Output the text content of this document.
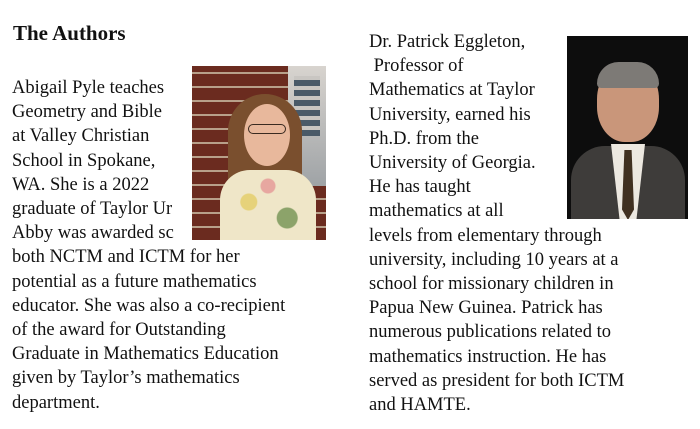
The Authors
Abigail Pyle teaches
Geometry and Bible
at Valley Christian
School in Spokane,
WA. She is a 2022
graduate of Taylor Ur
Abby was awarded sc
both NCTM and ICTM for her
potential as a future mathematics
educator. She was also a co-recipient
of the award for Outstanding
Graduate in Mathematics Education
given by Taylor’s mathematics
department.
Dr. Patrick Eggleton,
Professor of
Mathematics at Taylor
University, earned his
Ph.D. from the
University of Georgia.
He has taught
mathematics at all
levels from elementary through
university, including 10 years at a
school for missionary children in
Papua New Guinea. Patrick has
numerous publications related to
mathematics instruction. He has
served as president for both ICTM
and HAMTE.
